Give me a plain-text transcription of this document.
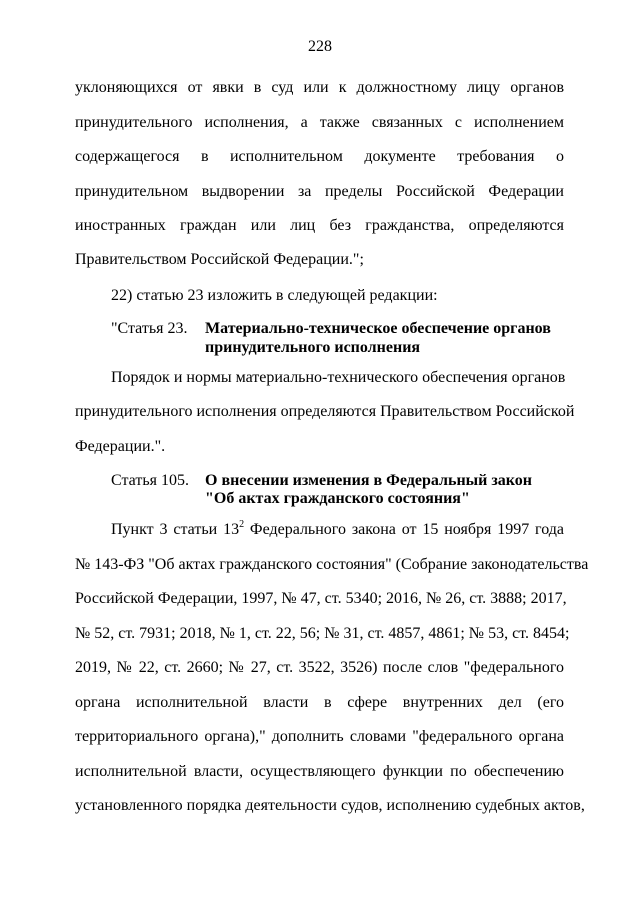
228
уклоняющихся от явки в суд или к должностному лицу органов
принудительного исполнения, а также связанных с исполнением
содержащегося в исполнительном документе требования о
принудительном выдворении за пределы Российской Федерации
иностранных граждан или лиц без гражданства, определяются
Правительством Российской Федерации.";
22) статью 23 изложить в следующей редакции:
"Статья 23. Материально-техническое обеспечение органов
принудительного исполнения
Порядок и нормы материально-технического обеспечения органов
принудительного исполнения определяются Правительством Российской
Федерации.".
Статья 105. О внесении изменения в Федеральный закон
"Об актах гражданского состояния"
Пункт 3 статьи $13^2$ Федерального закона от 15 ноября 1997 года
№ 143-ФЗ "Об актах гражданского состояния" (Собрание законодательства
Российской Федерации, 1997, № 47, ст. 5340; 2016, № 26, ст. 3888; 2017,
№ 52, ст. 7931; 2018, № 1, ст. 22, 56; № 31, ст. 4857, 4861; № 53, ст. 8454;
2019, № 22, ст. 2660; № 27, ст. 3522, 3526) после слов "федерального
органа исполнительной власти в сфере внутренних дел (его
территориального органа)," дополнить словами "федерального органа
исполнительной власти, осуществляющего функции по обеспечению
установленного порядка деятельности судов, исполнению судебных актов,
